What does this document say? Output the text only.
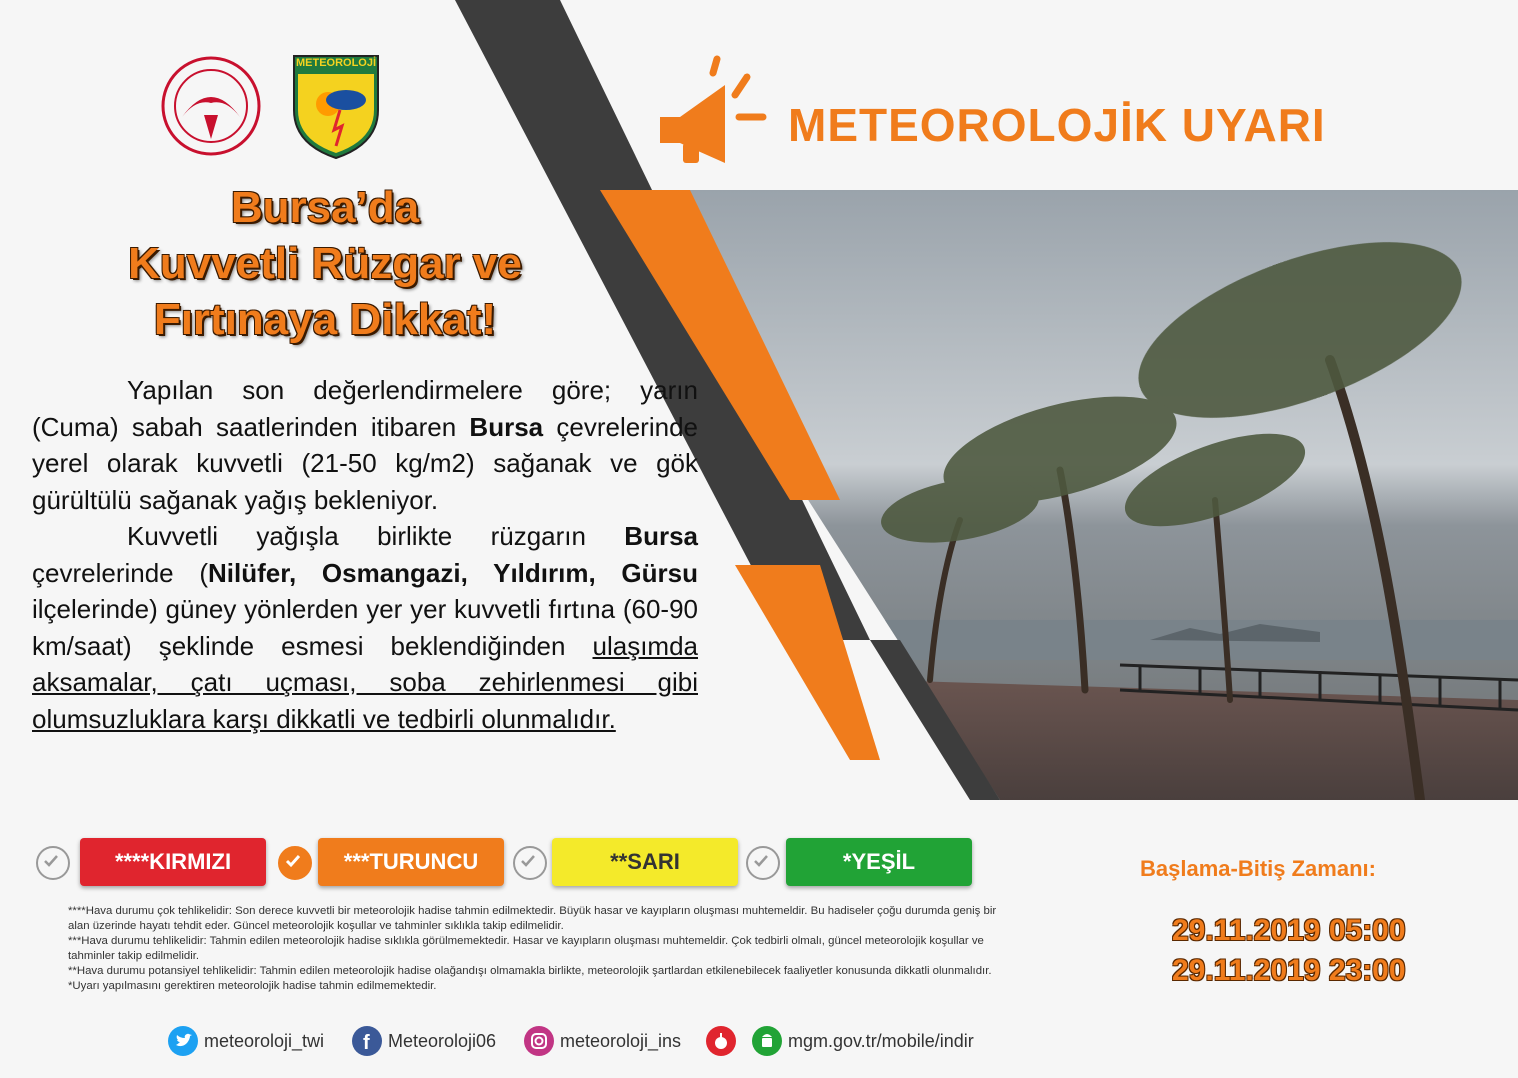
METEOROLOJİ
METEOROLOJİK UYARI
Bursa’da
Kuvvetli Rüzgar ve
Fırtınaya Dikkat!

Yapılan son değerlendirmelere göre; yarın (Cuma) sabah saatlerinden itibaren Bursa çevrelerinde yerel olarak kuvvetli (21-50 kg/m2) sağanak ve gök gürültülü sağanak yağış bekleniyor.

Kuvvetli yağışla birlikte rüzgarın Bursa çevrelerinde (Nilüfer, Osmangazi, Yıldırım, Gürsu ilçelerinde) güney yönlerden yer yer kuvvetli fırtına (60-90 km/saat) şeklinde esmesi beklendiğinden ulaşımda aksamalar, çatı uçması, soba zehirlenmesi gibi olumsuzluklara karşı dikkatli ve tedbirli olunmalıdır.

****KIRMIZI	***TURUNCU	**SARI	*YEŞİL
****Hava durumu çok tehlikelidir: Son derece kuvvetli bir meteorolojik hadise tahmin edilmektedir. Büyük hasar ve kayıpların oluşması muhtemeldir. Bu hadiseler çoğu durumda geniş bir alan üzerinde hayatı tehdit eder. Güncel meteorolojik koşullar ve tahminler sıklıkla takip edilmelidir.
***Hava durumu tehlikelidir: Tahmin edilen meteorolojik hadise sıklıkla görülmemektedir. Hasar ve kayıpların oluşması muhtemeldir. Çok tedbirli olmalı, güncel meteorolojik koşullar ve tahminler takip edilmelidir.
**Hava durumu potansiyel tehlikelidir: Tahmin edilen meteorolojik hadise olağandışı olmamakla birlikte, meteorolojik şartlardan etkilenebilecek faaliyetler konusunda dikkatli olunmalıdır.
*Uyarı yapılmasını gerektiren meteorolojik hadise tahmin edilmemektedir.
Başlama-Bitiş Zamanı:
29.11.2019 05:00
29.11.2019 23:00
meteoroloji_twi f Meteoroloji06	meteoroloji_ins	mgm.gov.tr/mobile/indir
